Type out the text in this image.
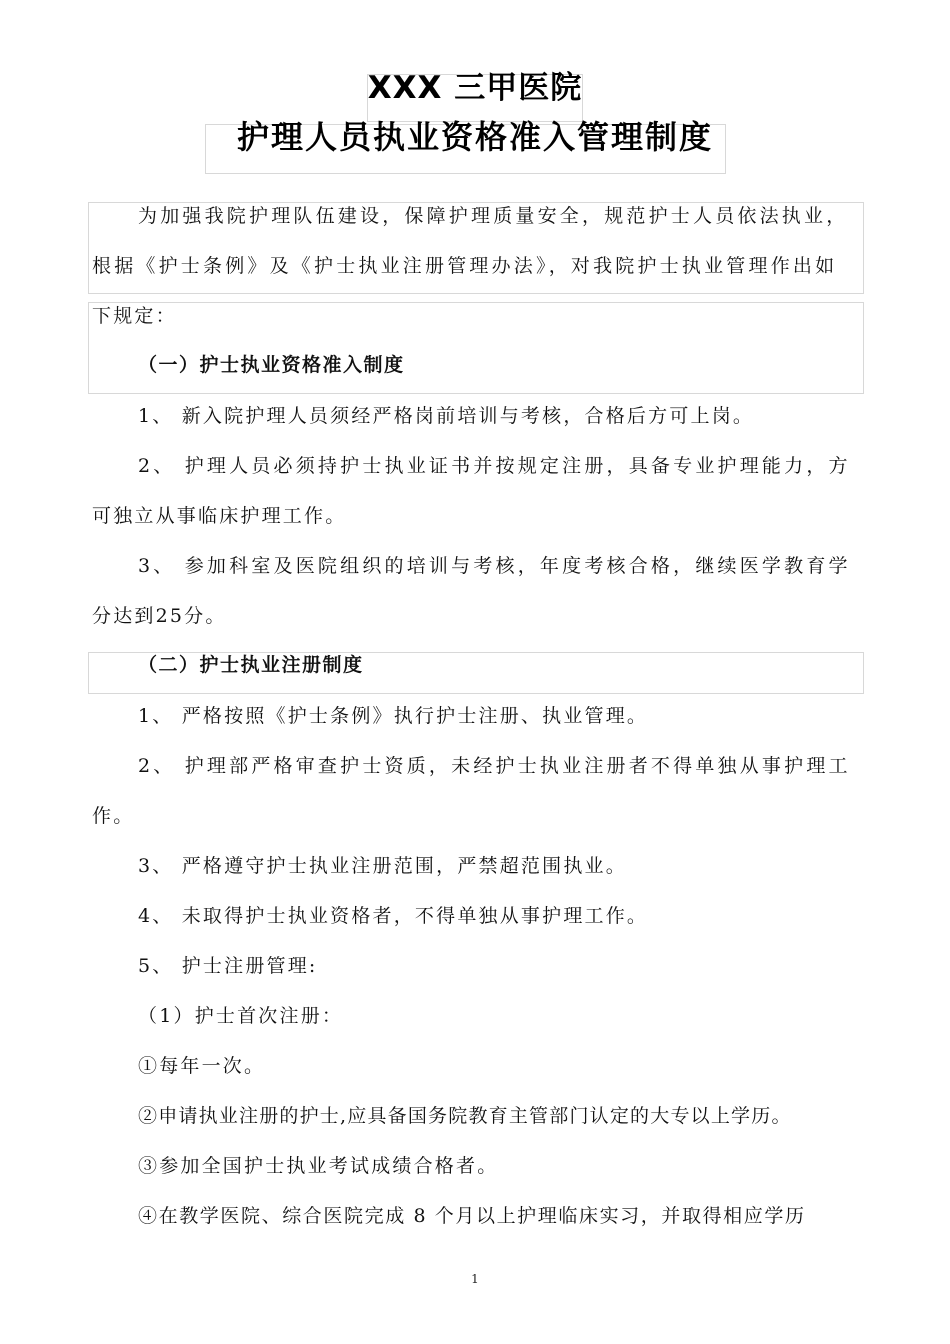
XXX 三甲医院
护理人员执业资格准入管理制度
为加强我院护理队伍建设，保障护理质量安全，规范护士人员依法执业，
根据《护士条例》及《护士执业注册管理办法》，对我院护士执业管理作出如
下规定：
（一）护士执业资格准入制度
1、 新入院护理人员须经严格岗前培训与考核，合格后方可上岗。
2、 护理人员必须持护士执业证书并按规定注册，具备专业护理能力，方
可独立从事临床护理工作。
3、 参加科室及医院组织的培训与考核，年度考核合格，继续医学教育学
分达到25分。
（二）护士执业注册制度
1、 严格按照《护士条例》执行护士注册、执业管理。
2、 护理部严格审查护士资质，未经护士执业注册者不得单独从事护理工
作。
3、 严格遵守护士执业注册范围，严禁超范围执业。
4、 未取得护士执业资格者，不得单独从事护理工作。
5、 护士注册管理:
（1）护士首次注册：
①每年一次。
②申请执业注册的护士,应具备国务院教育主管部门认定的大专以上学历。
③参加全国护士执业考试成绩合格者。
④在教学医院、综合医院完成 8 个月以上护理临床实习，并取得相应学历
1
